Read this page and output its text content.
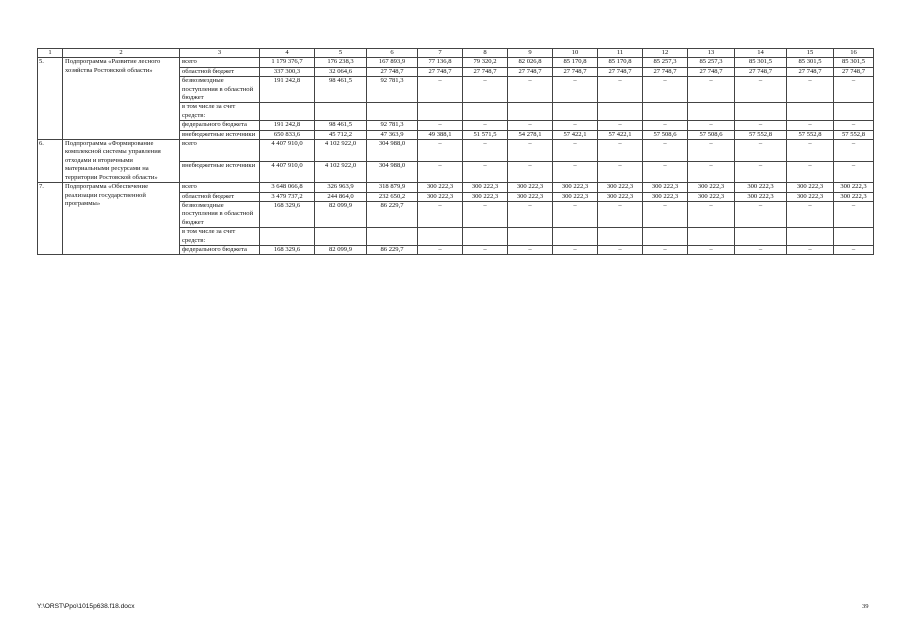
1	2	3	4	5	6	7	8	9	10	11	12	13	14	15	16
5.	Подпрограмма «Развитие лесного хозяйства Ростовской области»	всего	1 179 376,7	176 238,3	167 893,9	77 136,8	79 320,2	82 026,8	85 170,8	85 170,8	85 257,3	85 257,3	85 301,5	85 301,5	85 301,5
		областной бюджет	337 300,3	32 064,6	27 748,7	27 748,7	27 748,7	27 748,7	27 748,7	27 748,7	27 748,7	27 748,7	27 748,7	27 748,7	27 748,7
		безвозмездные поступления в областной бюджет	191 242,8	98 461,5	92 781,3	–	–	–	–	–	–	–	–	–	–
		в том числе за счет средств:													
		федерального бюджета	191 242,8	98 461,5	92 781,3	–	–	–	–	–	–	–	–	–	–
		внебюджетные источники	650 833,6	45 712,2	47 363,9	49 388,1	51 571,5	54 278,1	57 422,1	57 422,1	57 508,6	57 508,6	57 552,8	57 552,8	57 552,8
6.	Подпрограмма «Формирование комплексной системы управления отходами и вторичными материальными ресурсами на территории Ростовской области»	всего	4 407 910,0	4 102 922,0	304 988,0	–	–	–	–	–	–	–	–	–	–
		внебюджетные источники	4 407 910,0	4 102 922,0	304 988,0	–	–	–	–	–	–	–	–	–	–
7.	Подпрограмма «Обеспечение реализации государственной программы»	всего	3 648 066,8	326 963,9	318 879,9	300 222,3	300 222,3	300 222,3	300 222,3	300 222,3	300 222,3	300 222,3	300 222,3	300 222,3	300 222,3
		областной бюджет	3 479 737,2	244 864,0	232 650,2	300 222,3	300 222,3	300 222,3	300 222,3	300 222,3	300 222,3	300 222,3	300 222,3	300 222,3	300 222,3
		безвозмездные поступления в областной бюджет	168 329,6	82 099,9	86 229,7	–	–	–	–	–	–	–	–	–	–
		в том числе за счет средств:													
		федерального бюджета	168 329,6	82 099,9	86 229,7	–	–	–	–	–	–	–	–	–	–
Y:\ORST\Ppo\1015p638.f18.docx	39
